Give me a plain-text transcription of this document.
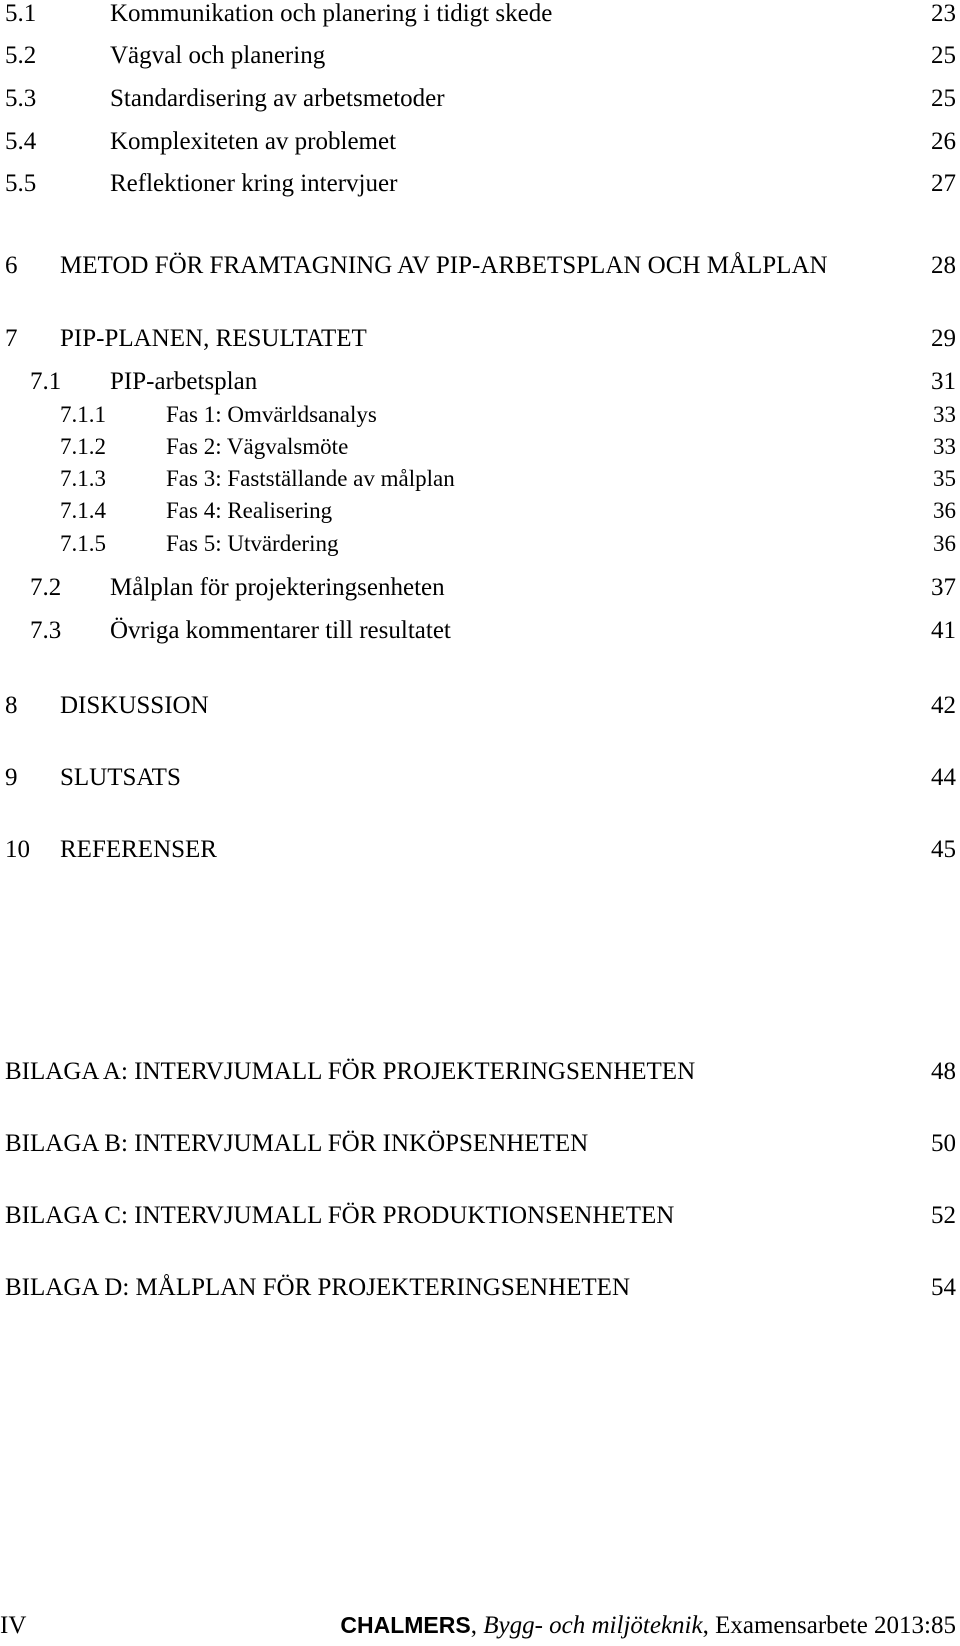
5.1	Kommunikation och planering i tidigt skede	23
5.2	Vägval och planering	25
5.3	Standardisering av arbetsmetoder	25
5.4	Komplexiteten av problemet	26
5.5	Reflektioner kring intervjuer	27
6 METOD FÖR FRAMTAGNING AV PIP-ARBETSPLAN OCH MÅLPLAN	28
7 PIP-PLANEN, RESULTATET	29
7.1 PIP-arbetsplan	31
7.1.1	Fas 1: Omvärldsanalys	33
7.1.2	Fas 2: Vägvalsmöte	33
7.1.3	Fas 3: Fastställande av målplan	35
7.1.4	Fas 4: Realisering	36
7.1.5	Fas 5: Utvärdering	36
7.2 Målplan för projekteringsenheten	37
7.3 Övriga kommentarer till resultatet	41
8 DISKUSSION	42
9 SLUTSATS	44
10 REFERENSER	45
BILAGA A: INTERVJUMALL FÖR PROJEKTERINGSENHETEN	48
BILAGA B: INTERVJUMALL FÖR INKÖPSENHETEN	50
BILAGA C: INTERVJUMALL FÖR PRODUKTIONSENHETEN	52
BILAGA D: MÅLPLAN FÖR PROJEKTERINGSENHETEN	54
IV	CHALMERS, Bygg- och miljöteknik, Examensarbete 2013:85
